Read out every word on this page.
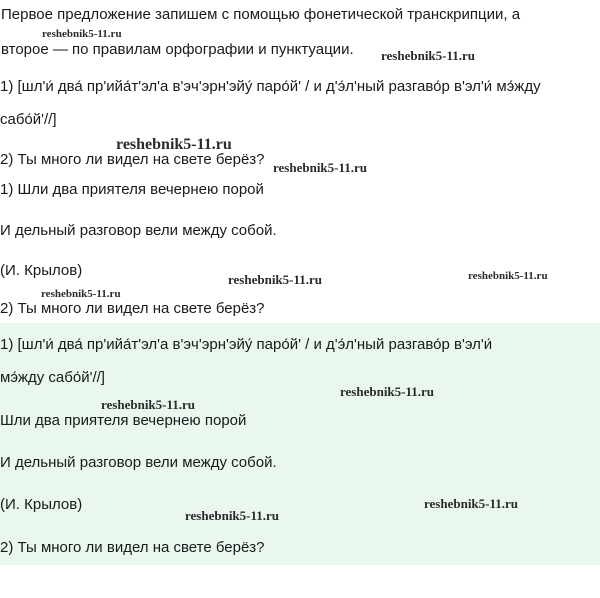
Первое предложение запишем с помощью фонетической транскрипции, а
второе — по правилам орфографии и пунктуации.
1) [шл'и́ два́ пр'ийа́т'эл'а в'эч'эрн'эйу́ паро́й' / и д'э́л'ный разгаво́р в'эл'и́ мэ́жду
сабо́й'//]
2) Ты много ли видел на свете берёз?
1) Шли два приятеля вечернею порой
И дельный разговор вели между собой.
(И. Крылов)
2) Ты много ли видел на свете берёз?
1) [шл'и́ два́ пр'ийа́т'эл'а в'эч'эрн'эйу́ паро́й' / и д'э́л'ный разгаво́р в'эл'и́
мэ́жду сабо́й'//]
Шли два приятеля вечернею порой
И дельный разговор вели между собой.
(И. Крылов)
2) Ты много ли видел на свете берёз?
reshebnik5-11.ru
reshebnik5-11.ru
reshebnik5-11.ru
reshebnik5-11.ru
reshebnik5-11.ru	reshebnik5-11.ru
reshebnik5-11.ru
reshebnik5-11.ru
reshebnik5-11.ru
reshebnik5-11.ru
reshebnik5-11.ru
